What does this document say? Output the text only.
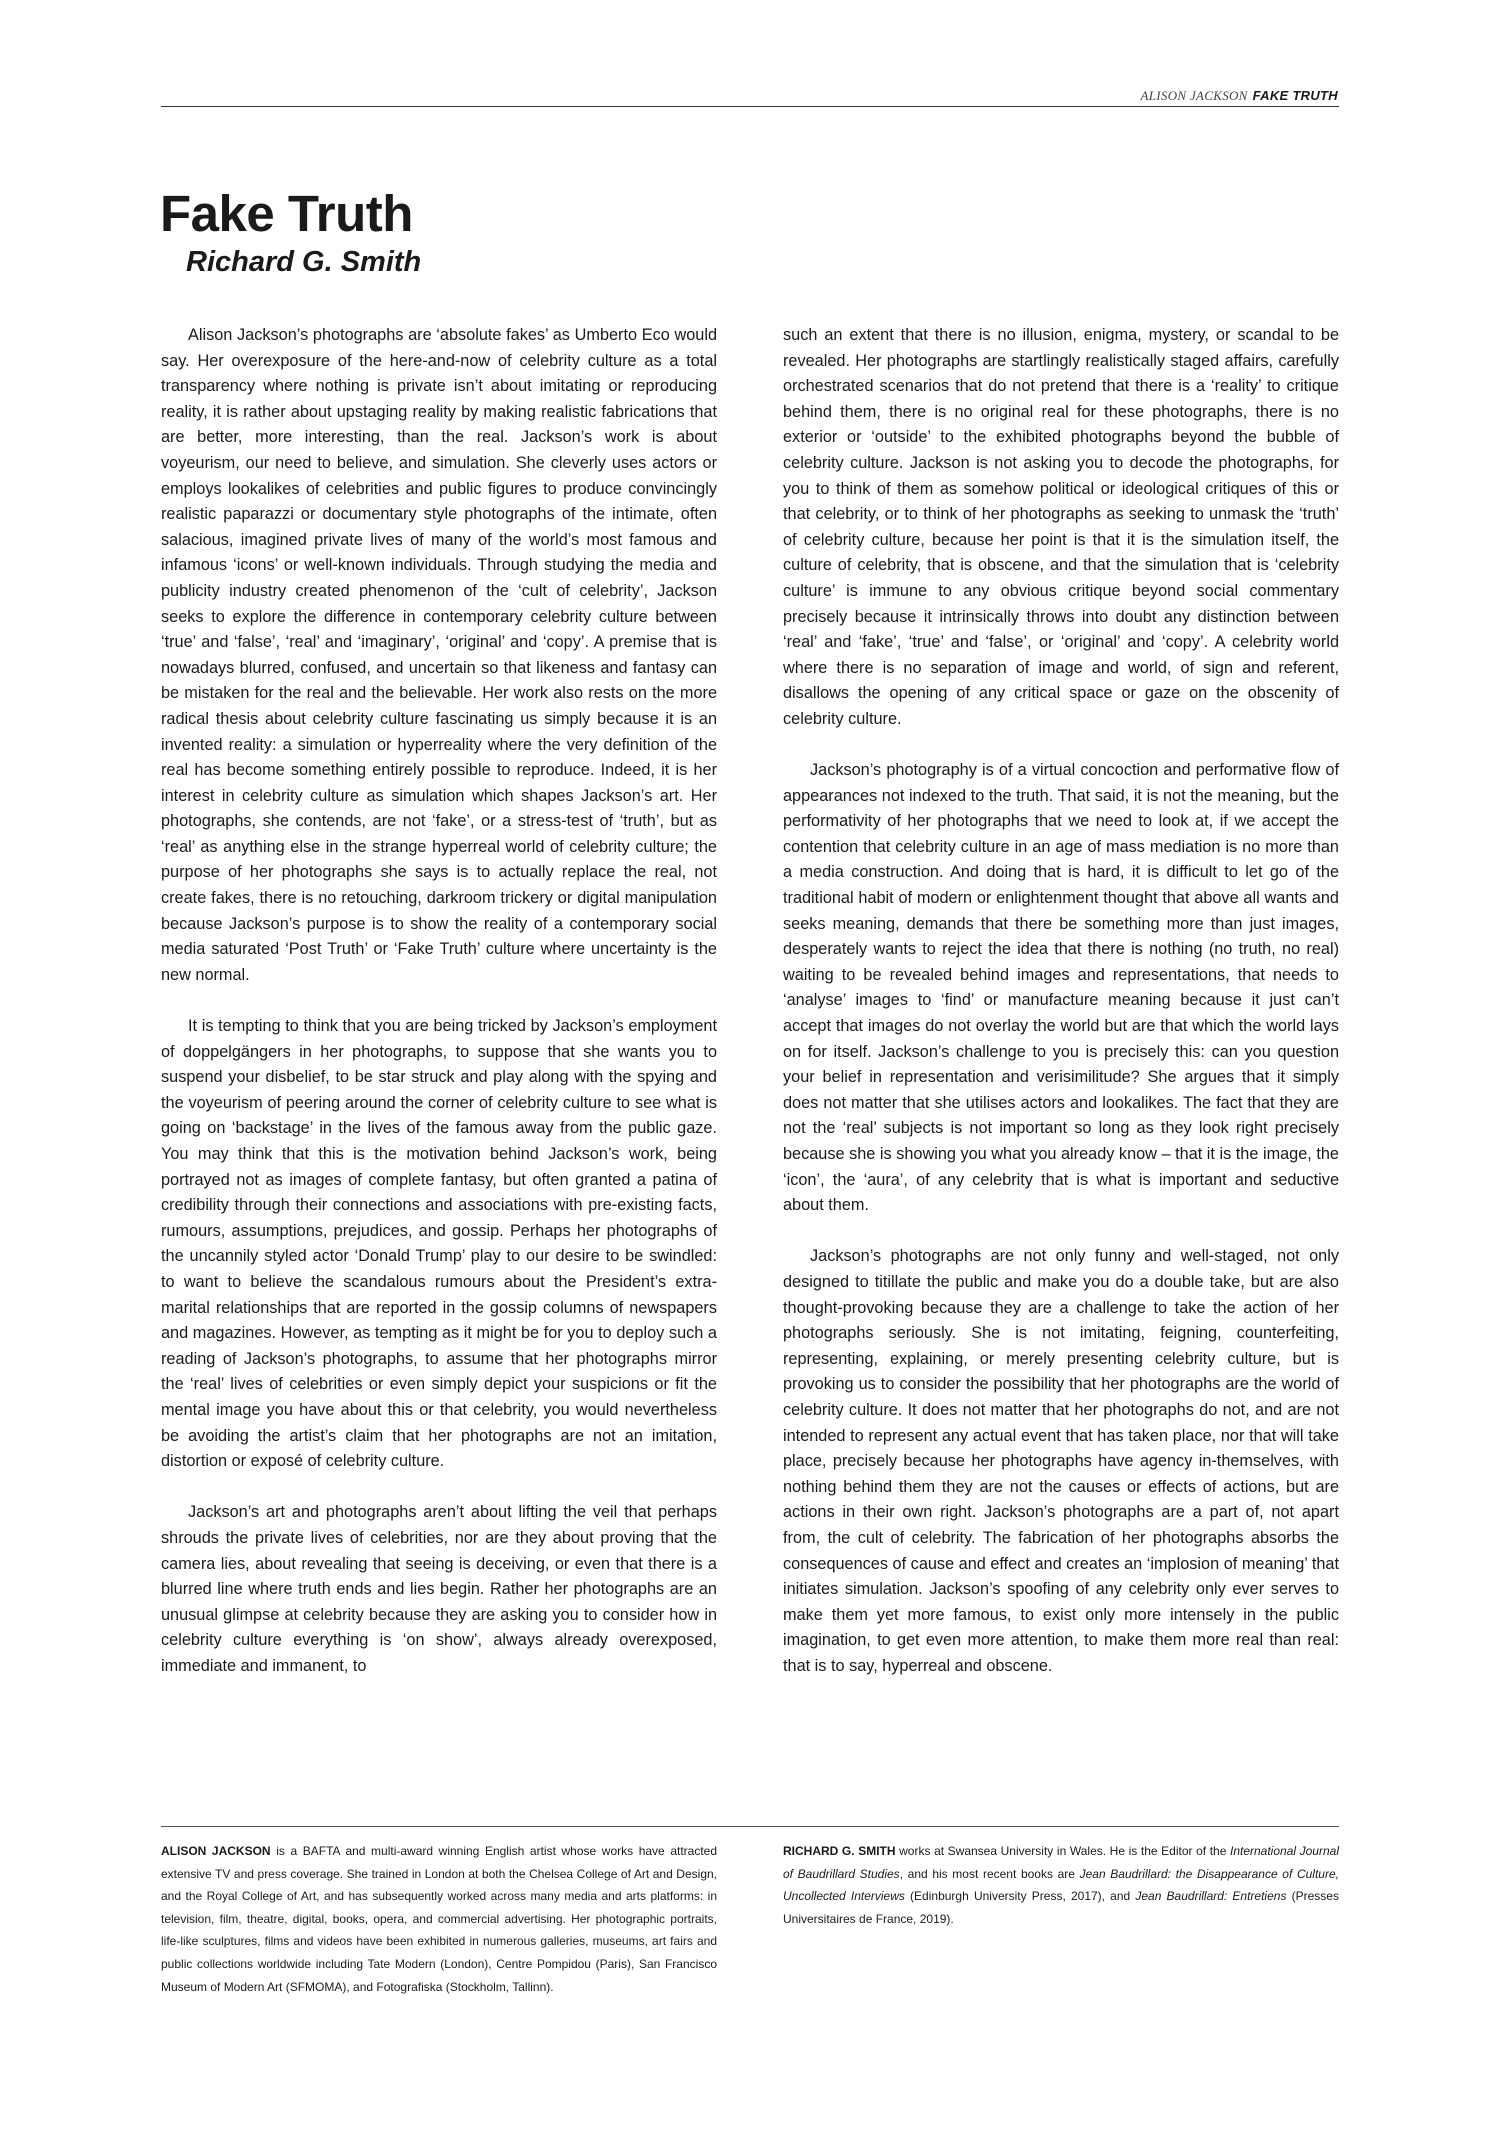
ALISON JACKSON FAKE TRUTH
Fake Truth
Richard G. Smith

Alison Jackson’s photographs are ‘absolute fakes’ as Umberto Eco would say. Her overexposure of the here-and-now of celebrity culture as a total transparency where nothing is private isn’t about imitating or reproducing reality, it is rather about upstaging reality by making realistic fabrications that are better, more interesting, than the real. Jackson’s work is about voyeurism, our need to believe, and simulation. She cleverly uses actors or employs lookalikes of celebrities and public figures to produce convincingly realistic paparazzi or documentary style photographs of the intimate, often salacious, imagined private lives of many of the world’s most famous and infamous ‘icons’ or well-known individuals. Through studying the media and publicity industry created phenomenon of the ‘cult of celebrity’, Jackson seeks to explore the difference in contemporary celebrity culture between ‘true’ and ‘false’, ‘real’ and ‘imaginary’, ‘original’ and ‘copy’. A premise that is nowadays blurred, confused, and uncertain so that likeness and fantasy can be mistaken for the real and the believable. Her work also rests on the more radical thesis about celebrity culture fascinating us simply because it is an invented reality: a simulation or hyperreality where the very definition of the real has become something entirely possible to reproduce. Indeed, it is her interest in celebrity culture as simulation which shapes Jackson’s art. Her photographs, she contends, are not ‘fake’, or a stress-test of ‘truth’, but as ‘real’ as anything else in the strange hyperreal world of celebrity culture; the purpose of her photographs she says is to actually replace the real, not create fakes, there is no retouching, darkroom trickery or digital manipulation because Jackson’s purpose is to show the reality of a contemporary social media saturated ‘Post Truth’ or ‘Fake Truth’ culture where uncertainty is the new normal.

It is tempting to think that you are being tricked by Jackson’s employment of doppelgängers in her photographs, to suppose that she wants you to suspend your disbelief, to be star struck and play along with the spying and the voyeurism of peering around the corner of celebrity culture to see what is going on ‘backstage’ in the lives of the famous away from the public gaze. You may think that this is the motivation behind Jackson’s work, being portrayed not as images of complete fantasy, but often granted a patina of credibility through their connections and associations with pre-existing facts, rumours, assumptions, prejudices, and gossip. Perhaps her photographs of the uncannily styled actor ‘Donald Trump’ play to our desire to be swindled: to want to believe the scandalous rumours about the President’s extra-marital relationships that are reported in the gossip columns of newspapers and magazines. However, as tempting as it might be for you to deploy such a reading of Jackson’s photographs, to assume that her photographs mirror the ‘real’ lives of celebrities or even simply depict your suspicions or fit the mental image you have about this or that celebrity, you would nevertheless be avoiding the artist’s claim that her photographs are not an imitation, distortion or exposé of celebrity culture.

Jackson’s art and photographs aren’t about lifting the veil that perhaps shrouds the private lives of celebrities, nor are they about proving that the camera lies, about revealing that seeing is deceiving, or even that there is a blurred line where truth ends and lies begin. Rather her photographs are an unusual glimpse at celebrity because they are asking you to consider how in celebrity culture everything is ‘on show’, always already overexposed, immediate and immanent, to

such an extent that there is no illusion, enigma, mystery, or scandal to be revealed. Her photographs are startlingly realistically staged affairs, carefully orchestrated scenarios that do not pretend that there is a ‘reality’ to critique behind them, there is no original real for these photographs, there is no exterior or ‘outside’ to the exhibited photographs beyond the bubble of celebrity culture. Jackson is not asking you to decode the photographs, for you to think of them as somehow political or ideological critiques of this or that celebrity, or to think of her photographs as seeking to unmask the ‘truth’ of celebrity culture, because her point is that it is the simulation itself, the culture of celebrity, that is obscene, and that the simulation that is ‘celebrity culture’ is immune to any obvious critique beyond social commentary precisely because it intrinsically throws into doubt any distinction between ‘real’ and ‘fake’, ‘true’ and ‘false’, or ‘original’ and ‘copy’. A celebrity world where there is no separation of image and world, of sign and referent, disallows the opening of any critical space or gaze on the obscenity of celebrity culture.

Jackson’s photography is of a virtual concoction and performative flow of appearances not indexed to the truth. That said, it is not the meaning, but the performativity of her photographs that we need to look at, if we accept the contention that celebrity culture in an age of mass mediation is no more than a media construction. And doing that is hard, it is difficult to let go of the traditional habit of modern or enlightenment thought that above all wants and seeks meaning, demands that there be something more than just images, desperately wants to reject the idea that there is nothing (no truth, no real) waiting to be revealed behind images and representations, that needs to ‘analyse’ images to ‘find’ or manufacture meaning because it just can’t accept that images do not overlay the world but are that which the world lays on for itself. Jackson’s challenge to you is precisely this: can you question your belief in representation and verisimilitude? She argues that it simply does not matter that she utilises actors and lookalikes. The fact that they are not the ‘real’ subjects is not important so long as they look right precisely because she is showing you what you already know – that it is the image, the ‘icon’, the ‘aura’, of any celebrity that is what is important and seductive about them.

Jackson’s photographs are not only funny and well-staged, not only designed to titillate the public and make you do a double take, but are also thought-provoking because they are a challenge to take the action of her photographs seriously. She is not imitating, feigning, counterfeiting, representing, explaining, or merely presenting celebrity culture, but is provoking us to consider the possibility that her photographs are the world of celebrity culture. It does not matter that her photographs do not, and are not intended to represent any actual event that has taken place, nor that will take place, precisely because her photographs have agency in-themselves, with nothing behind them they are not the causes or effects of actions, but are actions in their own right. Jackson’s photographs are a part of, not apart from, the cult of celebrity. The fabrication of her photographs absorbs the consequences of cause and effect and creates an ‘implosion of meaning’ that initiates simulation. Jackson’s spoofing of any celebrity only ever serves to make them yet more famous, to exist only more intensely in the public imagination, to get even more attention, to make them more real than real: that is to say, hyperreal and obscene.

ALISON JACKSON is a BAFTA and multi-award winning English artist whose works have attracted extensive TV and press coverage. She trained in London at both the Chelsea College of Art and Design, and the Royal College of Art, and has subsequently worked across many media and arts platforms: in television, film, theatre, digital, books, opera, and commercial advertising. Her photographic portraits, life-like sculptures, films and videos have been exhibited in numerous galleries, museums, art fairs and public collections worldwide including Tate Modern (London), Centre Pompidou (Paris), San Francisco Museum of Modern Art (SFMOMA), and Fotografiska (Stockholm, Tallinn).

RICHARD G. SMITH works at Swansea University in Wales. He is the Editor of the International Journal of Baudrillard Studies, and his most recent books are Jean Baudrillard: the Disappearance of Culture, Uncollected Interviews (Edinburgh University Press, 2017), and Jean Baudrillard: Entretiens (Presses Universitaires de France, 2019).
